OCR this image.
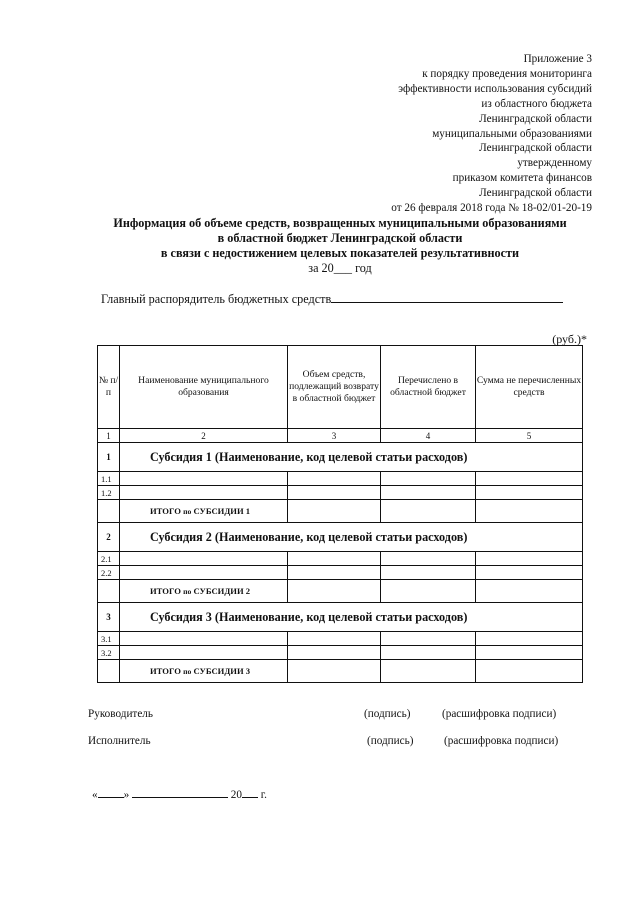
Приложение 3
к порядку проведения мониторинга
эффективности использования субсидий
из областного бюджета
Ленинградской области
муниципальными образованиями
Ленинградской области
утвержденному
приказом комитета финансов
Ленинградской области
от 26 февраля 2018 года № 18-02/01-20-19
Информация об объеме средств, возвращенных муниципальными образованиями
в областной бюджет Ленинградской области
в связи с недостижением целевых показателей результативности
за 20___ год
Главный распорядитель бюджетных средств
(руб.)*
№ п/п	Наименование муниципального образования	Объем средств, подлежащий возврату в областной бюджет	Перечислено в областной бюджет	Сумма не перечисленных средств
1	2	3	4	5
1	Субсидия 1 (Наименование, код целевой статьи расходов)			
1.1				
1.2				
	ИТОГО по СУБСИДИИ 1			
2	Субсидия 2 (Наименование, код целевой статьи расходов)			
2.1				
2.2				
	ИТОГО по СУБСИДИИ 2			
3	Субсидия 3 (Наименование, код целевой статьи расходов)			
3.1				
3.2				
	ИТОГО по СУБСИДИИ 3			
Руководитель	(подпись)	(расшифровка подписи)
Исполнитель	(подпись)	(расшифровка подписи)
« »	20 г.
